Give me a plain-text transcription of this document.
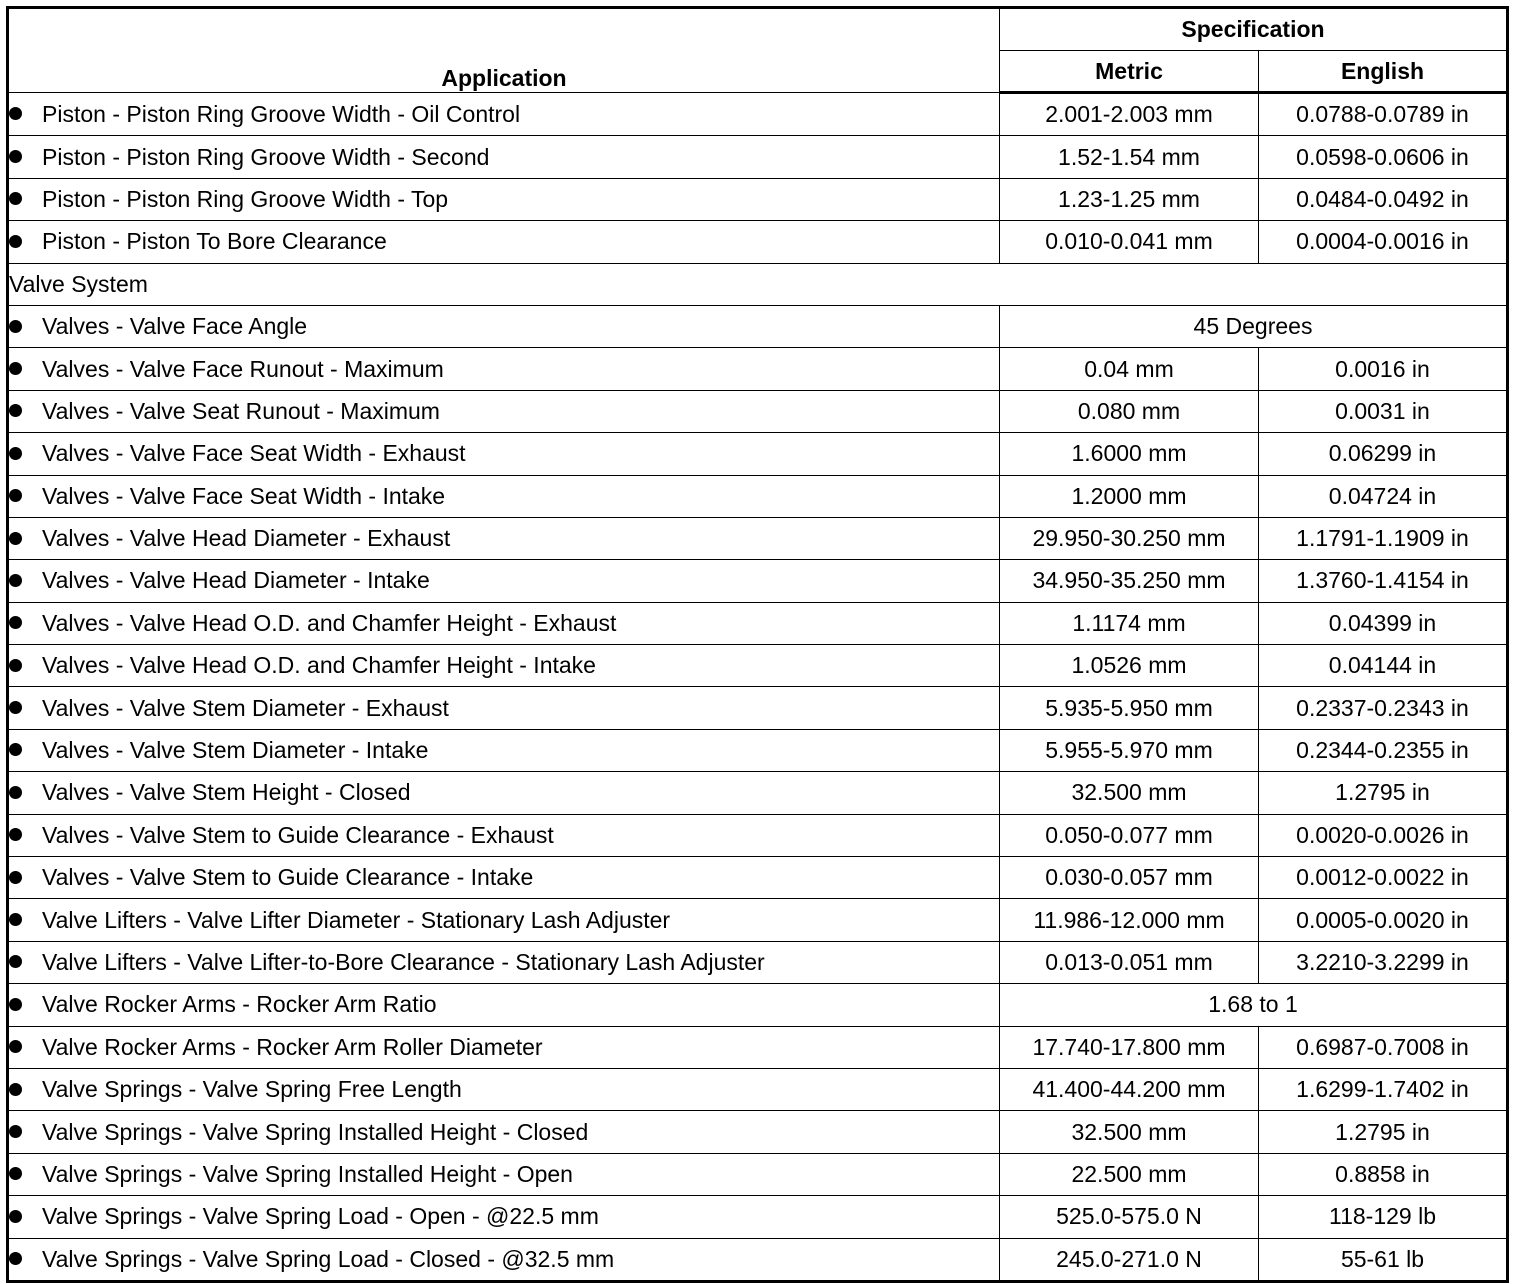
Application	Specification	
	Metric	English
Piston - Piston Ring Groove Width - Oil Control	2.001-2.003 mm	0.0788-0.0789 in
Piston - Piston Ring Groove Width - Second	1.52-1.54 mm	0.0598-0.0606 in
Piston - Piston Ring Groove Width - Top	1.23-1.25 mm	0.0484-0.0492 in
Piston - Piston To Bore Clearance	0.010-0.041 mm	0.0004-0.0016 in
Valve System		
Valves - Valve Face Angle	45 Degrees	
Valves - Valve Face Runout - Maximum	0.04 mm	0.0016 in
Valves - Valve Seat Runout - Maximum	0.080 mm	0.0031 in
Valves - Valve Face Seat Width - Exhaust	1.6000 mm	0.06299 in
Valves - Valve Face Seat Width - Intake	1.2000 mm	0.04724 in
Valves - Valve Head Diameter - Exhaust	29.950-30.250 mm	1.1791-1.1909 in
Valves - Valve Head Diameter - Intake	34.950-35.250 mm	1.3760-1.4154 in
Valves - Valve Head O.D. and Chamfer Height - Exhaust	1.1174 mm	0.04399 in
Valves - Valve Head O.D. and Chamfer Height - Intake	1.0526 mm	0.04144 in
Valves - Valve Stem Diameter - Exhaust	5.935-5.950 mm	0.2337-0.2343 in
Valves - Valve Stem Diameter - Intake	5.955-5.970 mm	0.2344-0.2355 in
Valves - Valve Stem Height - Closed	32.500 mm	1.2795 in
Valves - Valve Stem to Guide Clearance - Exhaust	0.050-0.077 mm	0.0020-0.0026 in
Valves - Valve Stem to Guide Clearance - Intake	0.030-0.057 mm	0.0012-0.0022 in
Valve Lifters - Valve Lifter Diameter - Stationary Lash Adjuster	11.986-12.000 mm	0.0005-0.0020 in
Valve Lifters - Valve Lifter-to-Bore Clearance - Stationary Lash Adjuster	0.013-0.051 mm	3.2210-3.2299 in
Valve Rocker Arms - Rocker Arm Ratio	1.68 to 1	
Valve Rocker Arms - Rocker Arm Roller Diameter	17.740-17.800 mm	0.6987-0.7008 in
Valve Springs - Valve Spring Free Length	41.400-44.200 mm	1.6299-1.7402 in
Valve Springs - Valve Spring Installed Height - Closed	32.500 mm	1.2795 in
Valve Springs - Valve Spring Installed Height - Open	22.500 mm	0.8858 in
Valve Springs - Valve Spring Load - Open - @22.5 mm	525.0-575.0 N	118-129 lb
Valve Springs - Valve Spring Load - Closed - @32.5 mm	245.0-271.0 N	55-61 lb
